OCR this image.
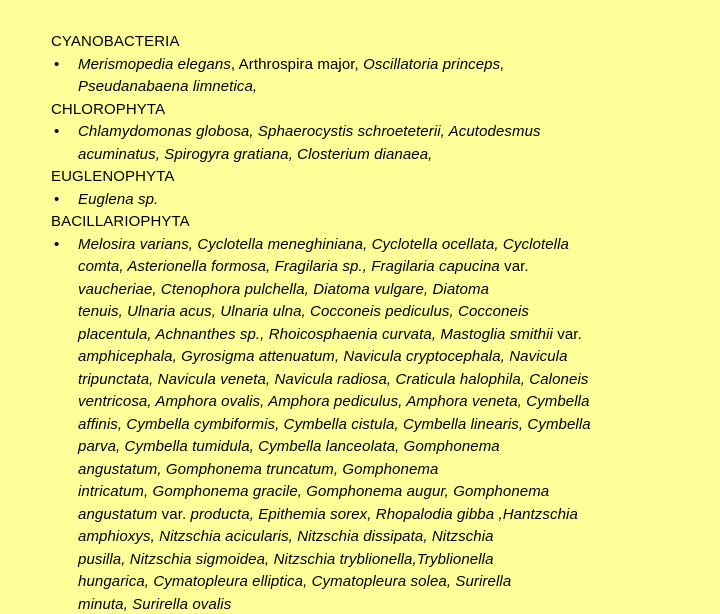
CYANOBACTERIA
• Merismopedia elegans, Arthrospira major, Oscillatoria princeps,
Pseudanabaena limnetica,
CHLOROPHYTA
• Chlamydomonas globosa, Sphaerocystis schroeteterii, Acutodesmus
acuminatus, Spirogyra gratiana, Closterium dianaea,
EUGLENOPHYTA
• Euglena sp.
BACILLARIOPHYTA
• Melosira varians, Cyclotella meneghiniana, Cyclotella ocellata, Cyclotella
comta, Asterionella formosa, Fragilaria sp., Fragilaria capucina var.
vaucheriae, Ctenophora pulchella, Diatoma vulgare, Diatoma
tenuis, Ulnaria acus, Ulnaria ulna, Cocconeis pediculus, Cocconeis
placentula, Achnanthes sp., Rhoicosphaenia curvata, Mastoglia smithii var.
amphicephala, Gyrosigma attenuatum, Navicula cryptocephala, Navicula
tripunctata, Navicula veneta, Navicula radiosa, Craticula halophila, Caloneis
ventricosa, Amphora ovalis, Amphora pediculus, Amphora veneta, Cymbella
affinis, Cymbella cymbiformis, Cymbella cistula, Cymbella linearis, Cymbella
parva, Cymbella tumidula, Cymbella lanceolata, Gomphonema
angustatum, Gomphonema truncatum, Gomphonema
intricatum, Gomphonema gracile, Gomphonema augur, Gomphonema
angustatum var. producta, Epithemia sorex, Rhopalodia gibba ,Hantzschia
amphioxys, Nitzschia acicularis, Nitzschia dissipata, Nitzschia
pusilla, Nitzschia sigmoidea, Nitzschia tryblionella,Tryblionella
hungarica, Cymatopleura elliptica, Cymatopleura solea, Surirella
minuta, Surirella ovalis
